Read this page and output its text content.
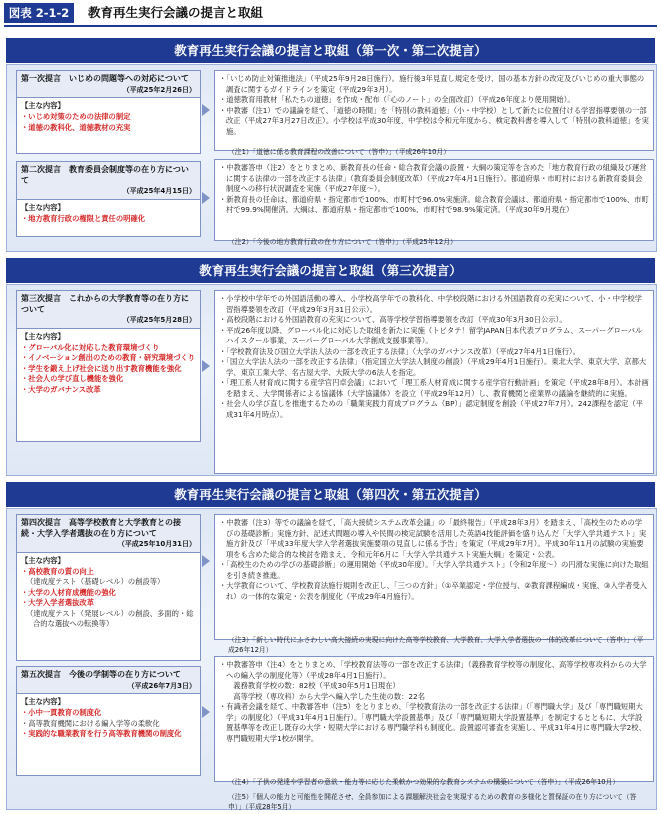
図表 2-1-2	教育再生実行会議の提言と取組
教育再生実行会議の提言と取組（第一次・第二次提言）
第一次提言　いじめの問題等への対応について
（平成25年2月26日）
【主な内容】
・いじめ対策のための法律の制定
・道徳の教科化、道徳教材の充実
・「いじめ防止対策推進法」（平成25年9月28日施行）。施行後3年見直し規定を受け、国の基本方針の改定及びいじめの重大事態の調査に関するガイドラインを策定（平成29年3月）。
・道徳教育用教材「私たちの道徳」を作成・配布（「心のノート」の全面改訂）（平成26年度より使用開始）。
・中教審（注1）での議論を経て、「道徳の時間」を「特別の教科道徳」（小・中学校）として新たに位置付ける学習指導要領の一部改正（平成27年3月27日改正）。小学校は平成30年度、中学校は令和元年度から、検定教科書を導入して「特別の教科道徳」を実施。
（注1）「道徳に係る教育課程の改善について（答申）」（平成26年10月）
第二次提言　教育委員会制度等の在り方について
（平成25年4月15日）
【主な内容】
・地方教育行政の権限と責任の明確化
・中教審答申（注2）をとりまとめ、新教育長の任命・総合教育会議の設置・大綱の策定等を含めた「地方教育行政の組織及び運営に関する法律の一部を改正する法律」（教育委員会制度改革）（平成27年4月1日施行）。都道府県・市町村における新教育委員会制度への移行状況調査を実施（平成27年度～）。
・新教育長の任命は、都道府県・指定都市で100%、市町村で96.0%実施済。総合教育会議は、都道府県・指定都市で100%、市町村で99.9%開催済。大綱は、都道府県・指定都市で100%、市町村で98.9%策定済。（平成30年9月現在）
（注2）「今後の地方教育行政の在り方について（答申）」（平成25年12月）
教育再生実行会議の提言と取組（第三次提言）
第三次提言　これからの大学教育等の在り方について
（平成25年5月28日）
【主な内容】
・グローバル化に対応した教育環境づくり
・イノベーション創出のための教育・研究環境づくり
・学生を鍛え上げ社会に送り出す教育機能を強化
・社会人の学び直し機能を強化
・大学のガバナンス改革
・小学校中学年での外国語活動の導入、小学校高学年での教科化、中学校段階における外国語教育の充実について、小・中学校学習指導要領を改訂（平成29年3月31日公示）。
・高校段階における外国語教育の充実について、高等学校学習指導要領を改訂（平成30年3月30日公示）。
・平成26年度以降、グローバル化に対応した取組を新たに実施（トビタテ！留学JAPAN日本代表プログラム、スーパーグローバルハイスクール事業、スーパーグローバル大学創成支援事業等）。
・「学校教育法及び国立大学法人法の一部を改正する法律」（大学のガバナンス改革）（平成27年4月1日施行）。
・「国立大学法人法の一部を改正する法律」（指定国立大学法人制度の創設）（平成29年4月1日施行）。東北大学、東京大学、京都大学、東京工業大学、名古屋大学、大阪大学の6法人を指定。
・「理工系人材育成に関する産学官円卓会議」において「理工系人材育成に関する産学官行動計画」を策定（平成28年8月）。本計画を踏まえ、大学関係者による協議体（大学協議体）を設立（平成29年12月）し、教育機関と産業界の議論を継続的に実施。
・社会人の学び直しを推進するための「職業実践力育成プログラム（BP）」認定制度を創設（平成27年7月）。242課程を認定（平成31年4月時点）。
教育再生実行会議の提言と取組（第四次・第五次提言）
第四次提言　高等学校教育と大学教育との接続・大学入学者選抜の在り方について
（平成25年10月31日）
【主な内容】
・高校教育の質の向上
（達成度テスト（基礎レベル）の創設等）
・大学の人材育成機能の強化
・大学入学者選抜改革
（達成度テスト（発展レベル）の創設、多面的・総合的な選抜への転換等）
・中教審（注3）等での議論を経て、「高大接続システム改革会議」の「最終報告」（平成28年3月）を踏まえ、「高校生のための学びの基礎診断」実施方針、記述式問題の導入や民間の検定試験を活用した英語4技能評価を盛り込んだ「大学入学共通テスト」実施方針及び「平成33年度大学入学者選抜実施要項の見直しに係る予告」を策定（平成29年7月）。平成30年11月の試験の実施要項をも含めた総合的な検討を踏まえ、令和元年6月に「大学入学共通テスト実施大綱」を策定・公表。
・「高校生のための学びの基礎診断」の運用開始（平成30年度）。「大学入学共通テスト」（令和2年度～）の円滑な実施に向けた取組を引き続き推進。
・大学教育について、学校教育法施行規則を改正し、「三つの方針」（①卒業認定・学位授与、②教育課程編成・実施、③入学者受入れ）の一体的な策定・公表を制度化（平成29年4月施行）。
（注3）「新しい時代にふさわしい高大接続の実現に向けた高等学校教育、大学教育、大学入学者選抜の一体的改革について（答申）」（平成26年12月）
第五次提言　今後の学制等の在り方について
（平成26年7月3日）
【主な内容】
・小中一貫教育の制度化
・高等教育機関における編入学等の柔軟化
・実践的な職業教育を行う高等教育機関の制度化
・中教審答申（注4）をとりまとめ、「学校教育法等の一部を改正する法律」（義務教育学校等の制度化、高等学校専攻科からの大学への編入学の制度化等）（平成28年4月1日施行）。
　義務教育学校の数：82校（平成30年5月1日現在）
　高等学校（専攻科）から大学へ編入学した生徒の数：22名
・有識者会議を経て、中教審答申（注5）をとりまとめ、「学校教育法の一部を改正する法律」（「専門職大学」及び「専門職短期大学」の制度化）（平成31年4月1日施行）。「専門職大学設置基準」及び「専門職短期大学設置基準」を制定するとともに、大学設置基準等を改正し既存の大学・短期大学における専門職学科も制度化。設置認可審査を実施し、平成31年4月に専門職大学2校、専門職短期大学1校が開学。
（注4）「子供の発達や学習者の意欲・能力等に応じた柔軟かつ効果的な教育システムの構築について（答申）」（平成26年10月）
（注5）「個人の能力と可能性を開花させ、全員参加による課題解決社会を実現するための教育の多様化と質保証の在り方について（答申）」（平成28年5月）
